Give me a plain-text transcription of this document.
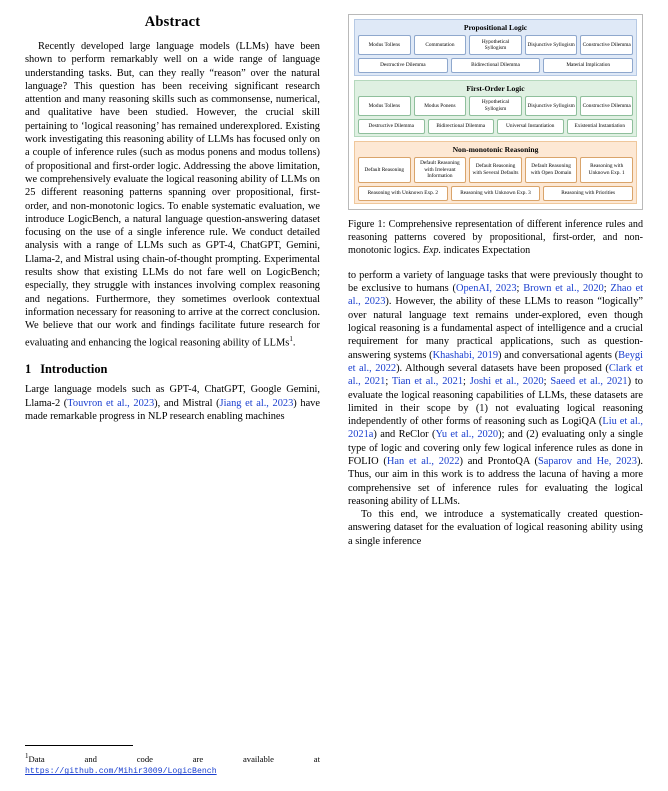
Abstract

Recently developed large language models (LLMs) have been shown to perform remarkably well on a wide range of language understanding tasks. But, can they really “reason” over the natural language? This question has been receiving significant research attention and many reasoning skills such as commonsense, numerical, and qualitative have been studied. However, the crucial skill pertaining to ‘logical reasoning’ has remained underexplored. Existing work investigating this reasoning ability of LLMs has focused only on a couple of inference rules (such as modus ponens and modus tollens) of propositional and first-order logic. Addressing the above limitation, we comprehensively evaluate the logical reasoning ability of LLMs on 25 different reasoning patterns spanning over propositional, first-order, and non-monotonic logics. To enable systematic evaluation, we introduce LogicBench, a natural language question-answering dataset focusing on the use of a single inference rule. We conduct detailed analysis with a range of LLMs such as GPT-4, ChatGPT, Gemini, Llama-2, and Mistral using chain-of-thought prompting. Experimental results show that existing LLMs do not fare well on LogicBench; especially, they struggle with instances involving complex reasoning and negations. Furthermore, they sometimes overlook contextual information necessary for reasoning to arrive at the correct conclusion. We believe that our work and findings facilitate future research for evaluating and enhancing the logical reasoning ability of LLMs$^1$.

1 Introduction

Large language models such as GPT-4, ChatGPT, Google Gemini, Llama-2 (Touvron et al., 2023), and Mistral (Jiang et al., 2023) have made remarkable progress in NLP research enabling machines

$^1$Data and code are available at https://github.com/Mihir3009/LogicBench
Propositional Logic
Modus Tollens	Commutation
Hypothetical Syllogism
Disjunctive Syllogism	Constructive Dilemma
Destructive Dilemma	Bidirectional Dilemma	Material Implication
First-Order Logic
Modus Tollens	Modus Ponens
Hypothetical Syllogism
Disjunctive Syllogism	Constructive Dilemma
Destructive Dilemma	Bidirectional Dilemma	Universal Instantiation	Existential Instantiation
Non-monotonic Reasoning
Default Reasoning
Default Reasoning with Irrelevant Information
Default Reasoning with Several Defaults
Default Reasoning with Open Domain
Reasoning with Unknown Exp. 1
Reasoning with Unknown Exp. 2	Reasoning with Unknown Exp. 3	Reasoning with Priorities
Figure 1: Comprehensive representation of different inference rules and reasoning patterns covered by propositional, first-order, and non-monotonic logics. Exp. indicates Expectation

to perform a variety of language tasks that were previously thought to be exclusive to humans (OpenAI, 2023; Brown et al., 2020; Zhao et al., 2023). However, the ability of these LLMs to reason “logically” over natural language text remains under-explored, even though logical reasoning is a fundamental aspect of intelligence and a crucial requirement for many practical applications, such as question-answering systems (Khashabi, 2019) and conversational agents (Beygi et al., 2022). Although several datasets have been proposed (Clark et al., 2021; Tian et al., 2021; Joshi et al., 2020; Saeed et al., 2021) to evaluate the logical reasoning capabilities of LLMs, these datasets are limited in their scope by (1) not evaluating logical reasoning independently of other forms of reasoning such as LogiQA (Liu et al., 2021a) and ReClor (Yu et al., 2020); and (2) evaluating only a single type of logic and covering only few logical inference rules as done in FOLIO (Han et al., 2022) and ProntoQA (Saparov and He, 2023). Thus, our aim in this work is to address the lacuna of having a more comprehensive set of inference rules for evaluating the logical reasoning ability of LLMs.

To this end, we introduce a systematically created question-answering dataset for the evaluation of logical reasoning ability using a single inference
